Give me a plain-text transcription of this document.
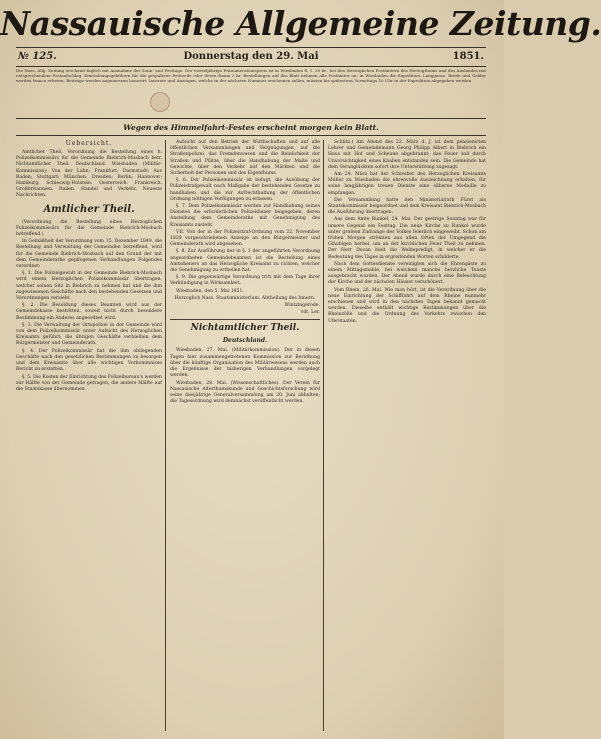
Nassauische Allgemeine Zeitung.
№ 125.	Donnerstag den 29. Mai	1851.
Die Nass. Allg. Zeitung erscheint täglich mit Ausnahme der Sonn- und Festtage. Der vierteljährige Pränumerationspreis ist in Wiesbaden fl. 1. 30 kr., bei den Herzoglichen Postämtern des Herzogthums und des Auslandes mit entsprechendem Postaufschlag. Einrückungsgebühren für die gespaltene Petitzeile oder deren Raum 3 kr. Bestellungen auf das Blatt nehmen alle Postämter an; in Wiesbaden die Expedition, Langgasse. Briefe und Gelder werden franco erbeten. Beiträge werden angemessen honorirt. Inserate und Anzeigen, welche in der nächsten Nummer erscheinen sollen, müssen bis spätestens Vormittags 10 Uhr in der Expedition abgegeben werden.
Wegen des Himmelfahrt-Festes erscheint morgen kein Blatt.
Uebersicht.

Amtlicher Theil. Verordnung die Bestellung eines h. Polizeikommissärs für die Gemeinde Biebrich-Mosbach betr. Nichtamtlicher Theil. Deutschland. Wiesbaden (Militär-Kommission); Von der Lahn; Frankfurt; Darmstadt; Aus Baden; Stuttgart; München; Dresden; Berlin; Hannover; Hamburg. Schleswig-Holstein. Oesterreich. Frankreich. Großbritannien. Italien. Handel und Verkehr. Neueste Nachrichten.

Amtlicher Theil.

(Verordnung die Bestellung eines Herzoglichen Polizeikommissärs für die Gemeinde Biebrich-Mosbach betreffend.)

In Gemäßheit der Verordnung vom 15. Dezember 1849, die Bestellung und Verwaltung der Gemeinden betreffend, wird für die Gemeinde Biebrich-Mosbach auf den Grund der mit dem Gemeinderathe gepflogenen Verhandlungen Folgendes verordnet:

§. 1. Die Polizeigewalt in der Gemeinde Biebrich-Mosbach wird einem Herzoglichen Polizeikommissär übertragen, welcher seinen Sitz in Biebrich zu nehmen hat und die ihm zugewiesenen Geschäfte nach den bestehenden Gesetzen und Verordnungen versieht.

§. 2. Die Besoldung dieses Beamten wird aus der Gemeindekasse bestritten, soweit nicht durch besondere Bestimmung ein Anderes angeordnet wird.

§. 3. Die Verwaltung der Ortspolizei in der Gemeinde wird von dem Polizeikommissär unter Aufsicht des Herzoglichen Kreisamts geführt; die übrigen Geschäfte verbleiben dem Bürgermeister und Gemeinderath.

§. 4. Der Polizeikommissär hat die ihm obliegenden Geschäfte nach den gesetzlichen Bestimmungen zu besorgen und dem Kreisamte über alle wichtigen Vorkommnisse Bericht zu erstatten.

§. 5. Die Kosten der Einrichtung des Polizeibureau's werden zur Hälfte von der Gemeinde getragen, die andere Hälfte auf die Staatskasse übernommen.

Aufsicht auf den Betrieb der Wirthschaften und auf alle öffentlichen Versammlungen und Vergnügungen, auf die Straßenpolizei, das Fremdenwesen und die Reinlichkeit der Straßen und Plätze, über die Handhabung der Maße und Gewichte, über den Verkehr auf den Märkten und die Sicherheit der Personen und des Eigenthums.

§. 6. Der Polizeikommissär ist befugt, die Ausübung der Polizeistrafgewalt nach Maßgabe der bestehenden Gesetze zu handhaben und die zur Aufrechthaltung der öffentlichen Ordnung nöthigen Verfügungen zu erlassen.

§. 7. Dem Polizeikommissär werden zur Handhabung seines Dienstes die erforderlichen Polizeidiener beigegeben, deren Anstellung dem Gemeinderathe mit Genehmigung des Kreisamts zusteht.

VII. Von der in der Polizeistraf-Ordnung vom 22. November 1829 vorgeschriebenen Anzeige an den Bürgermeister und Gemeinderath wird abgesehen.

§. 8. Zur Ausführung der in §. 1 der angeführten Verordnung angeordneten Gemeindebeamten ist die Bestellung eines Amtsdieners an das Herzogliche Kreisamt zu richten, welcher die Genehmigung zu ertheilen hat.

§. 9. Die gegenwärtige Verordnung tritt mit dem Tage ihrer Verkündigung in Wirksamkeit.

Wiesbaden, den 5. Mai 1851.

Herzoglich Nass. Staatsministerium, Abtheilung des Innern.

Wintzingerode.

vdt. Ler.

Nichtamtlicher Theil.
Deutschland.

Wiesbaden, 27. Mai. (Militärkommission). Der in diesen Tagen hier zusammengetretenen Kommission zur Berathung über die künftige Organisation des Militärwesens werden auch die Ergebnisse der bisherigen Verhandlungen vorgelegt werden.

Wiesbaden, 28. Mai. (Wissenschaftliches). Der Verein für Nassauische Alterthumskunde und Geschichtsforschung wird seine diesjährige Generalversammlung am 20. Juni abhalten; die Tagesordnung wird demnächst veröffentlicht werden.

Schlitz.) Am Abend des 22. März d. J. ist dem pensionirten Lehrer und Gemeindemann Georg Philipp Albert in Biebrich ein Haus mit Hof und Scheune abgebrannt; das Feuer soll durch Unvorsichtigkeit eines Knaben entstanden sein. Die Gemeinde hat dem Verunglückten sofort ihre Unterstützung zugesagt.

Am 24. März hat der Schreiber des Herzoglichen Kreisamts Müller zu Wiesbaden die ehrenvolle Auszeichnung erhalten, für seine langjährigen treuen Dienste eine silberne Medaille zu empfangen.

Die Versammlung hatte den Ministerialrath Fürst als Staatskommissär beigeordnet und dem Kreisamt Biebrich-Mosbach die Ausführung übertragen.

Aus dem Amte Runkel, 24. Mai. Der gestrige Sonntag war für unsere Gegend ein Festtag. Die neue Kirche zu Runkel wurde unter großem Zudrange des Volkes feierlich eingeweiht. Schon am frühen Morgen strömten aus allen Orten der Umgegend die Gläubigen herbei, um an der kirchlichen Feier Theil zu nehmen. Der Herr Decan hielt die Weihepredigt, in welcher er die Bedeutung des Tages in ergreifenden Worten schilderte.

Nach dem Gottesdienste vereinigten sich die Ehrengäste zu einem Mittagsmahle, bei welchem manche herzliche Toaste ausgebracht wurden. Der Abend wurde durch eine Beleuchtung der Kirche und der nächsten Häuser verschönert.

Vom Rhein, 26. Mai. Wie man hört, ist die Verordnung über die neue Einrichtung der Schifffahrt auf dem Rheine nunmehr erschienen und wird in den nächsten Tagen bekannt gemacht werden. Dieselbe enthält wichtige Bestimmungen über die Rheinzölle und die Ordnung des Verkehrs zwischen den Uferstaaten.
